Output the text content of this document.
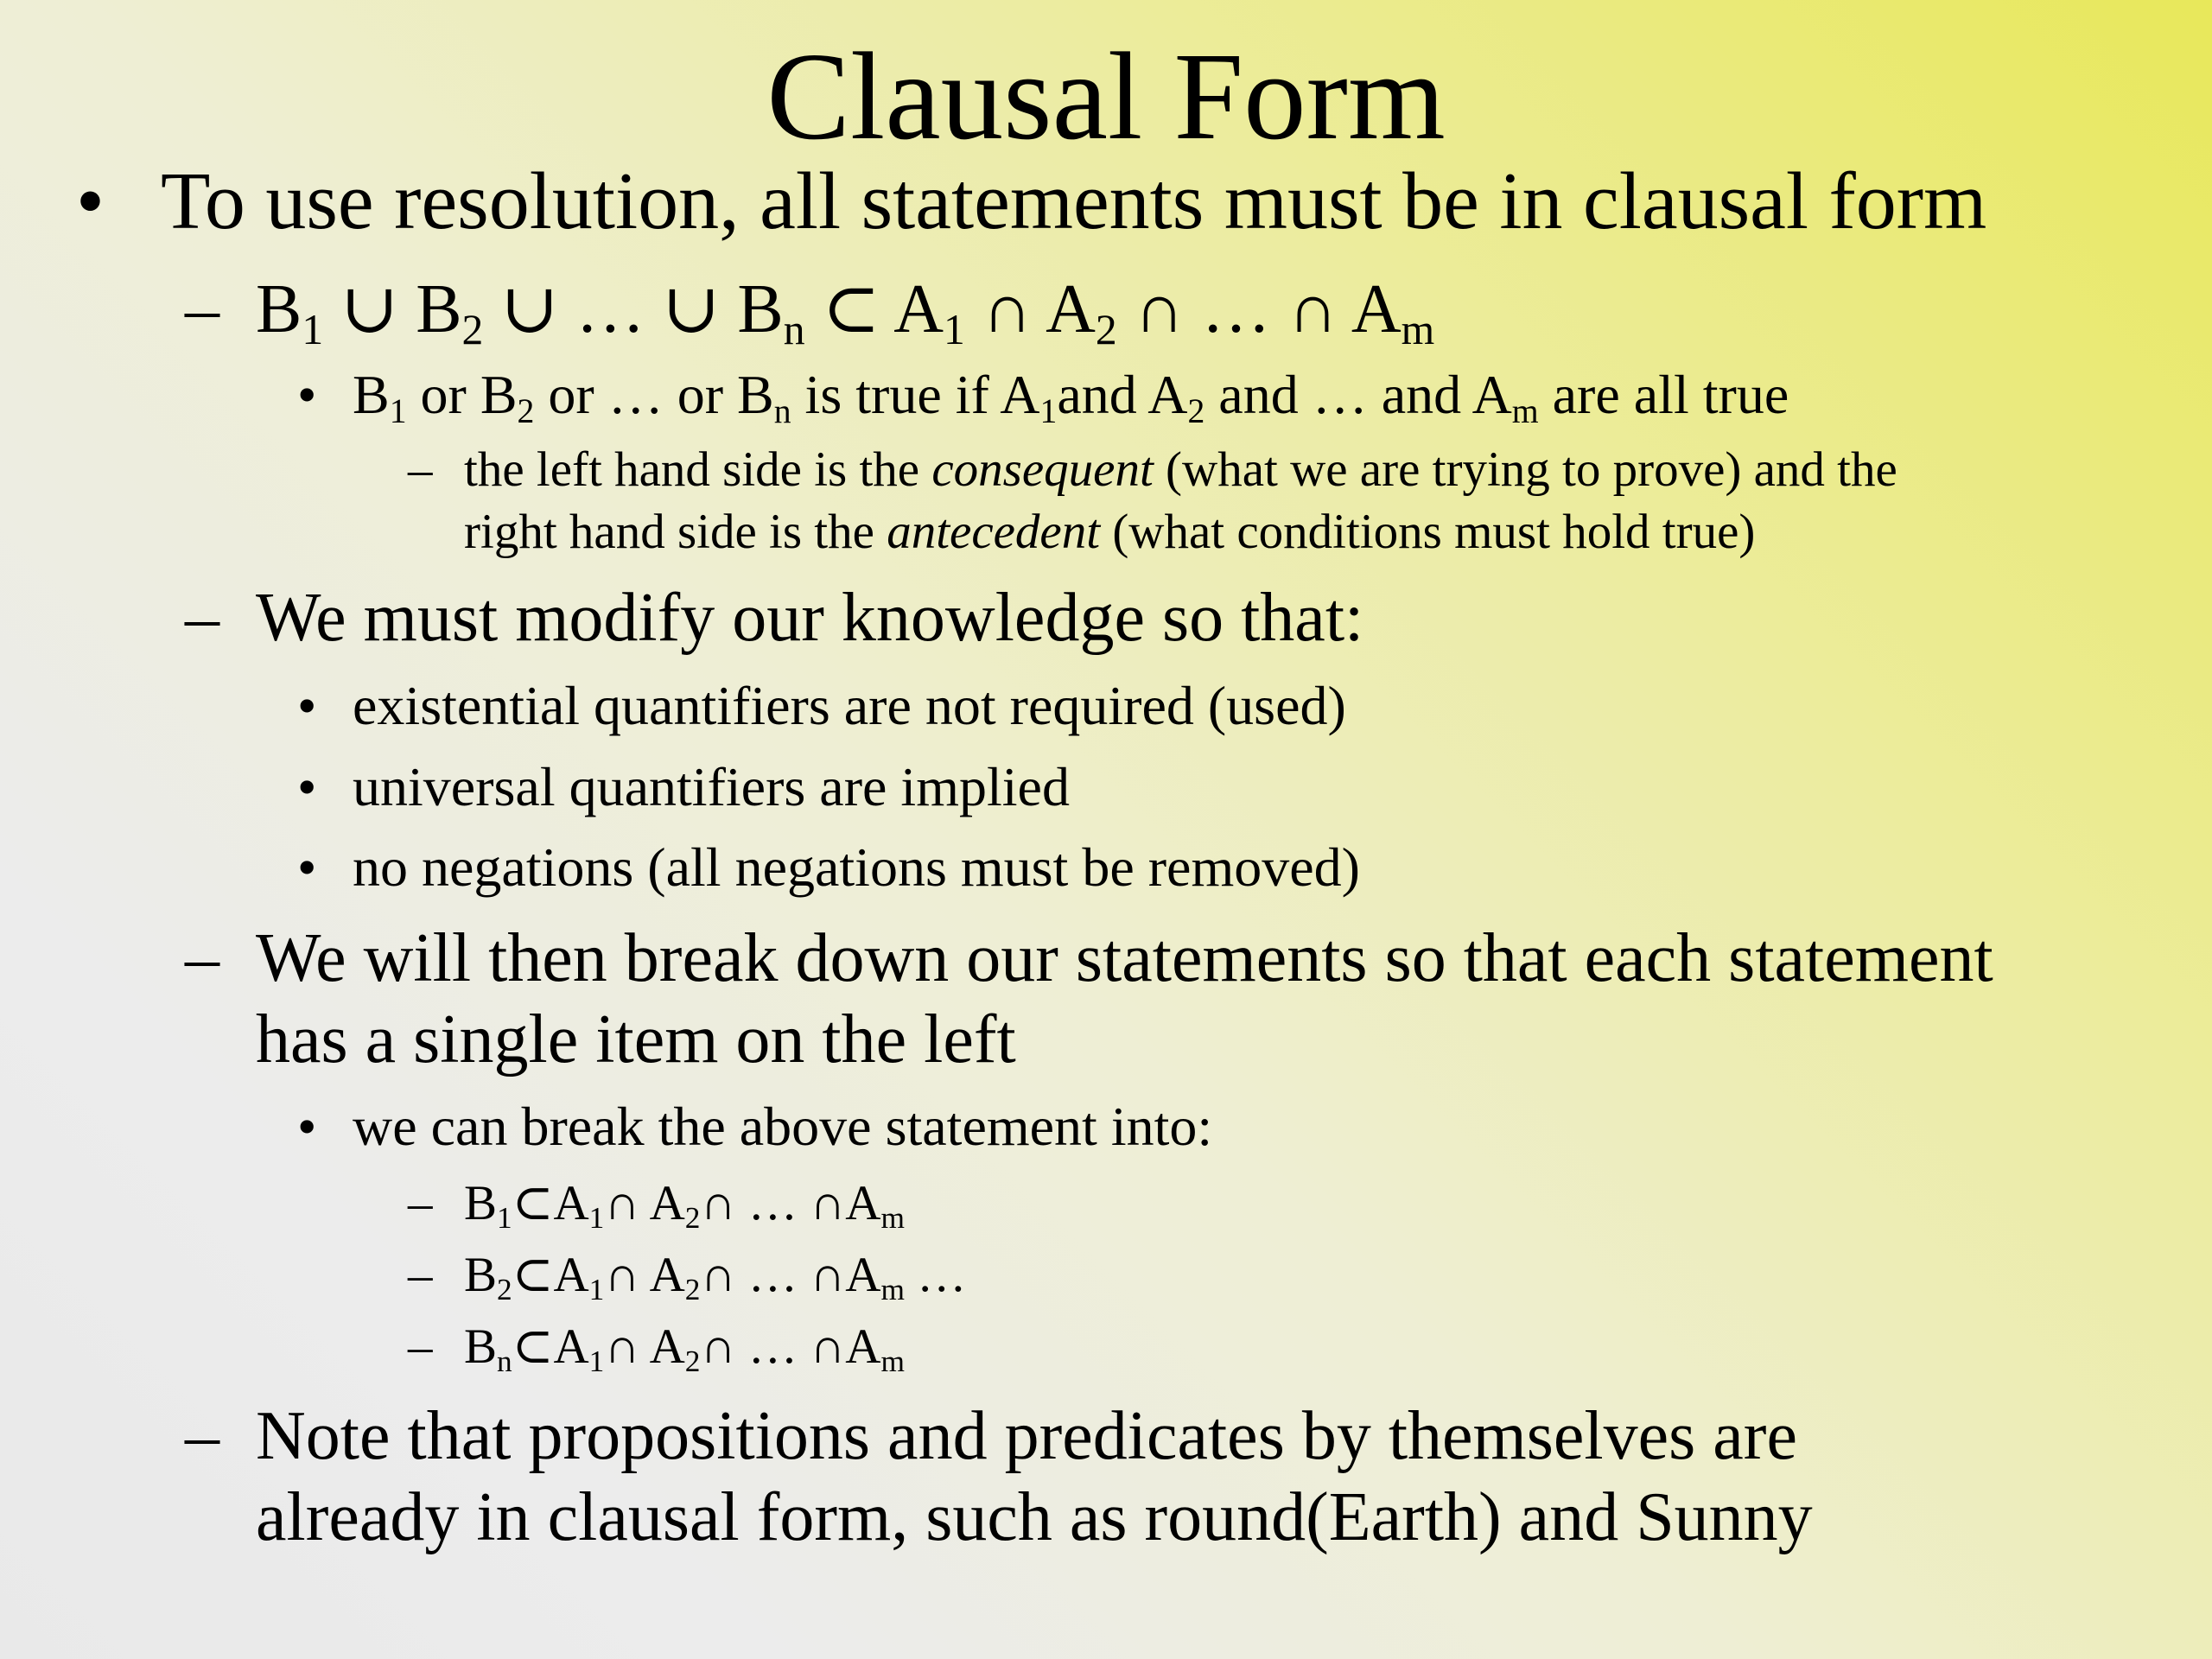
Clausal Form
• To use resolution, all statements must be in clausal form
– $B_1$ ∪ $B_2$ ∪ … ∪ $B_n$ ⊂ $A_1$ ∩ $A_2$ ∩ … ∩ $A_m$
• $B_1$ or $B_2$ or … or $B_n$ is true if $A_1and$ $A_2$ and … and $A_m$ are all true
– the left hand side is the consequent (what we are trying to prove) and the
right hand side is the antecedent (what conditions must hold true)
– We must modify our knowledge so that:
• existential quantifiers are not required (used)
• universal quantifiers are implied
• no negations (all negations must be removed)
– We will then break down our statements so that each statement
has a single item on the left
• we can break the above statement into:
– $B_1\subset A_1\cap$ $A_2\cap$ … $\cap A_m$
– $B_2\subset A_1\cap$ $A_2\cap$ … $\cap A_m$ …
– $B_n\subset A_1\cap$ $A_2\cap$ … $\cap A_m$
– Note that propositions and predicates by themselves are
already in clausal form, such as round(Earth) and Sunny
